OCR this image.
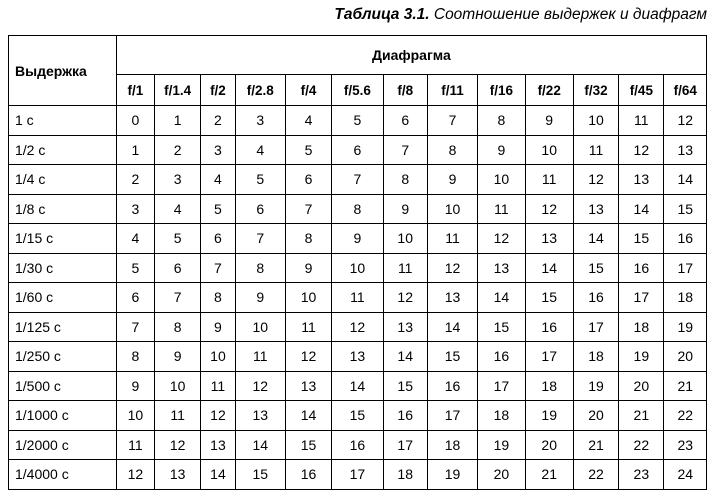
Таблица 3.1. Соотношение выдержек и диафрагм
Выдержка	Диафрагма												
	f/1	f/1.4	f/2	f/2.8	f/4	f/5.6	f/8	f/11	f/16	f/22	f/32	f/45	f/64
1 с	0	1	2	3	4	5	6	7	8	9	10	11	12
1/2 с	1	2	3	4	5	6	7	8	9	10	11	12	13
1/4 с	2	3	4	5	6	7	8	9	10	11	12	13	14
1/8 с	3	4	5	6	7	8	9	10	11	12	13	14	15
1/15 с	4	5	6	7	8	9	10	11	12	13	14	15	16
1/30 с	5	6	7	8	9	10	11	12	13	14	15	16	17
1/60 с	6	7	8	9	10	11	12	13	14	15	16	17	18
1/125 с	7	8	9	10	11	12	13	14	15	16	17	18	19
1/250 с	8	9	10	11	12	13	14	15	16	17	18	19	20
1/500 с	9	10	11	12	13	14	15	16	17	18	19	20	21
1/1000 с	10	11	12	13	14	15	16	17	18	19	20	21	22
1/2000 с	11	12	13	14	15	16	17	18	19	20	21	22	23
1/4000 с	12	13	14	15	16	17	18	19	20	21	22	23	24
